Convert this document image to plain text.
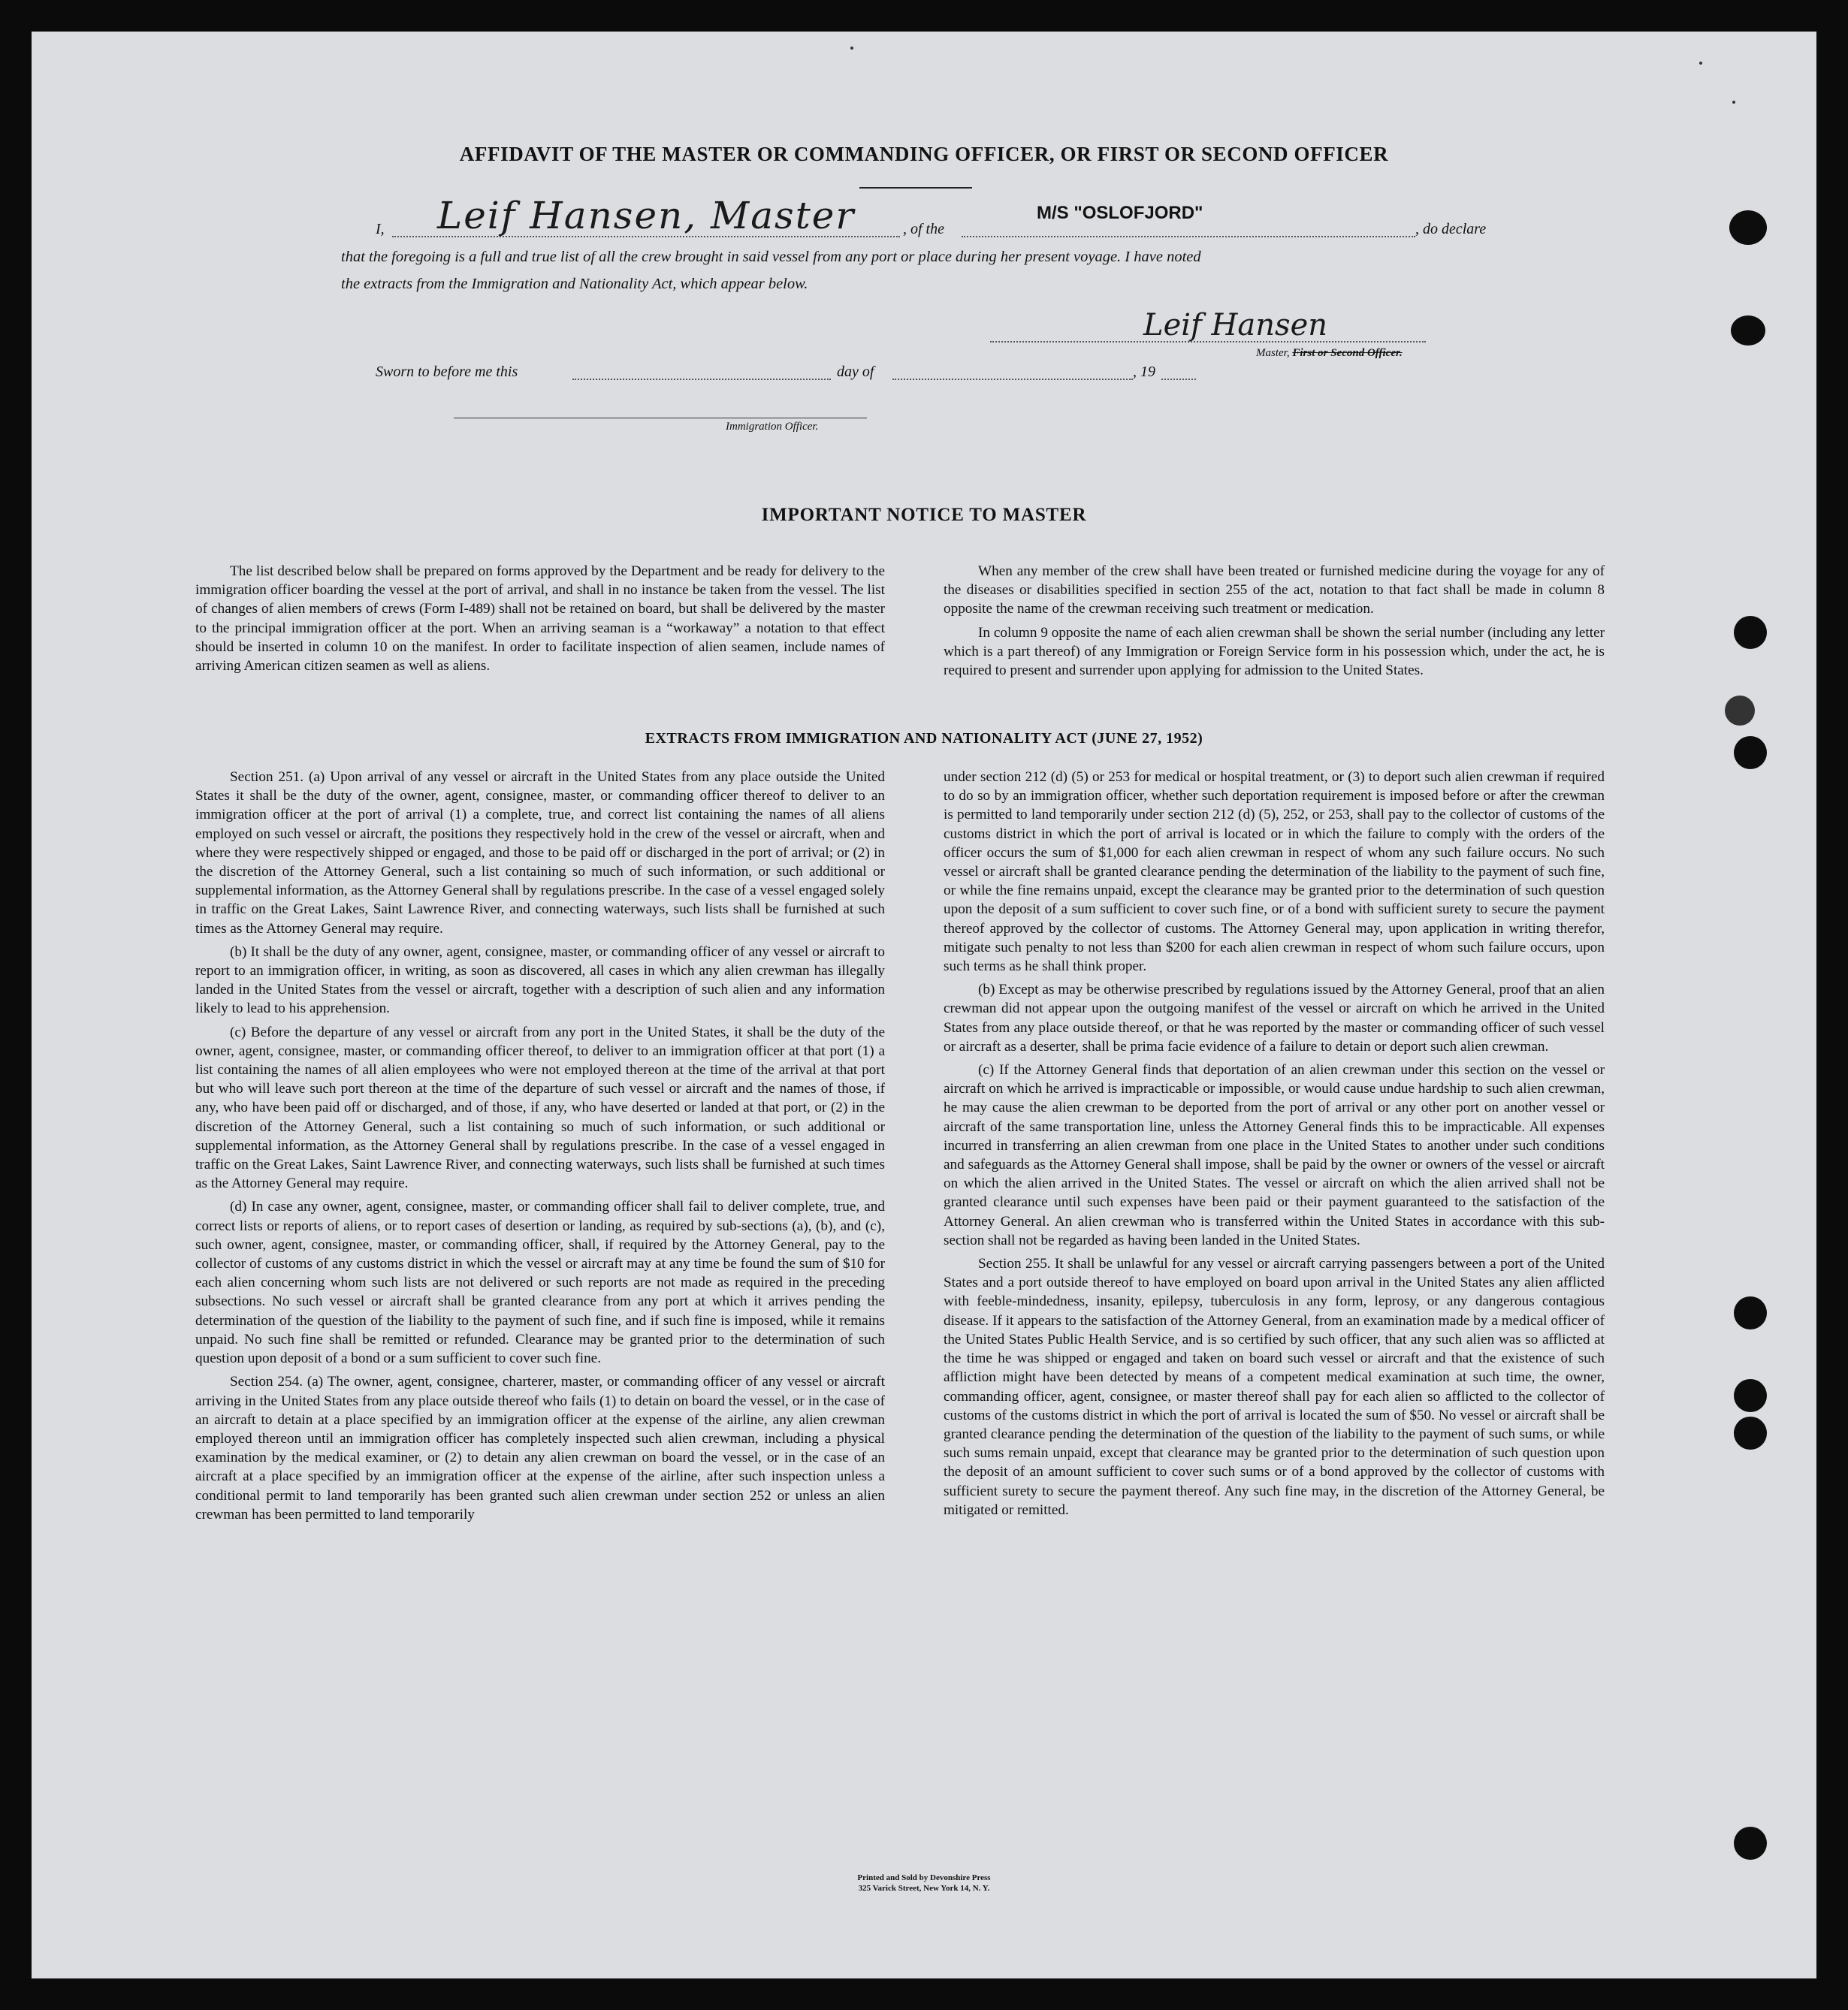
AFFIDAVIT OF THE MASTER OR COMMANDING OFFICER, OR FIRST OR SECOND OFFICER
I, Leif Hansen, Master	, of the
M/S "OSLOFJORD"
, do declare
that the foregoing is a full and true list of all the crew brought in said vessel from any port or place during her present voyage. I have noted
the extracts from the Immigration and Nationality Act, which appear below.
Leif Hansen
Master, First or Second Officer.
Sworn to before me this	day of	, 19
Immigration Officer.
IMPORTANT NOTICE TO MASTER

The list described below shall be prepared on forms approved by the Department and be ready for delivery to the immigration officer boarding the vessel at the port of arrival, and shall in no instance be taken from the vessel. The list of changes of alien members of crews (Form I-489) shall not be retained on board, but shall be delivered by the master to the principal immigration officer at the port. When an arriving seaman is a “workaway” a notation to that effect should be inserted in column 10 on the manifest. In order to facilitate inspection of alien seamen, include names of arriving American citizen seamen as well as aliens.

When any member of the crew shall have been treated or furnished medicine during the voyage for any of the diseases or disabilities specified in section 255 of the act, notation to that fact shall be made in column 8 opposite the name of the crewman receiving such treatment or medication.

In column 9 opposite the name of each alien crewman shall be shown the serial number (including any letter which is a part thereof) of any Immigration or Foreign Service form in his possession which, under the act, he is required to present and surrender upon applying for admission to the United States.

EXTRACTS FROM IMMIGRATION AND NATIONALITY ACT (JUNE 27, 1952)

Section 251. (a) Upon arrival of any vessel or aircraft in the United States from any place outside the United States it shall be the duty of the owner, agent, consignee, master, or commanding officer thereof to deliver to an immigration officer at the port of arrival (1) a complete, true, and correct list containing the names of all aliens employed on such vessel or aircraft, the positions they respectively hold in the crew of the vessel or aircraft, when and where they were respectively shipped or engaged, and those to be paid off or discharged in the port of arrival; or (2) in the discretion of the Attorney General, such a list containing so much of such information, or such additional or supplemental information, as the Attorney General shall by regulations prescribe. In the case of a vessel engaged solely in traffic on the Great Lakes, Saint Lawrence River, and connecting waterways, such lists shall be furnished at such times as the Attorney General may require.

(b) It shall be the duty of any owner, agent, consignee, master, or commanding officer of any vessel or aircraft to report to an immigration officer, in writing, as soon as discovered, all cases in which any alien crewman has illegally landed in the United States from the vessel or aircraft, together with a description of such alien and any information likely to lead to his apprehension.

(c) Before the departure of any vessel or aircraft from any port in the United States, it shall be the duty of the owner, agent, consignee, master, or commanding officer thereof, to deliver to an immigration officer at that port (1) a list containing the names of all alien employees who were not employed thereon at the time of the arrival at that port but who will leave such port thereon at the time of the departure of such vessel or aircraft and the names of those, if any, who have been paid off or discharged, and of those, if any, who have deserted or landed at that port, or (2) in the discretion of the Attorney General, such a list containing so much of such information, or such additional or supplemental information, as the Attorney General shall by regulations prescribe. In the case of a vessel engaged in traffic on the Great Lakes, Saint Lawrence River, and connecting waterways, such lists shall be furnished at such times as the Attorney General may require.

(d) In case any owner, agent, consignee, master, or commanding officer shall fail to deliver complete, true, and correct lists or reports of aliens, or to report cases of desertion or landing, as required by sub-sections (a), (b), and (c), such owner, agent, consignee, master, or commanding officer, shall, if required by the Attorney General, pay to the collector of customs of any customs district in which the vessel or aircraft may at any time be found the sum of $10 for each alien concerning whom such lists are not delivered or such reports are not made as required in the preceding subsections. No such vessel or aircraft shall be granted clearance from any port at which it arrives pending the determination of the question of the liability to the payment of such fine, and if such fine is imposed, while it remains unpaid. No such fine shall be remitted or refunded. Clearance may be granted prior to the determination of such question upon deposit of a bond or a sum sufficient to cover such fine.

Section 254. (a) The owner, agent, consignee, charterer, master, or commanding officer of any vessel or aircraft arriving in the United States from any place outside thereof who fails (1) to detain on board the vessel, or in the case of an aircraft to detain at a place specified by an immigration officer at the expense of the airline, any alien crewman employed thereon until an immigration officer has completely inspected such alien crewman, including a physical examination by the medical examiner, or (2) to detain any alien crewman on board the vessel, or in the case of an aircraft at a place specified by an immigration officer at the expense of the airline, after such inspection unless a conditional permit to land temporarily has been granted such alien crewman under section 252 or unless an alien crewman has been permitted to land temporarily

under section 212 (d) (5) or 253 for medical or hospital treatment, or (3) to deport such alien crewman if required to do so by an immigration officer, whether such deportation requirement is imposed before or after the crewman is permitted to land temporarily under section 212 (d) (5), 252, or 253, shall pay to the collector of customs of the customs district in which the port of arrival is located or in which the failure to comply with the orders of the officer occurs the sum of $1,000 for each alien crewman in respect of whom any such failure occurs. No such vessel or aircraft shall be granted clearance pending the determination of the liability to the payment of such fine, or while the fine remains unpaid, except the clearance may be granted prior to the determination of such question upon the deposit of a sum sufficient to cover such fine, or of a bond with sufficient surety to secure the payment thereof approved by the collector of customs. The Attorney General may, upon application in writing therefor, mitigate such penalty to not less than $200 for each alien crewman in respect of whom such failure occurs, upon such terms as he shall think proper.

(b) Except as may be otherwise prescribed by regulations issued by the Attorney General, proof that an alien crewman did not appear upon the outgoing manifest of the vessel or aircraft on which he arrived in the United States from any place outside thereof, or that he was reported by the master or commanding officer of such vessel or aircraft as a deserter, shall be prima facie evidence of a failure to detain or deport such alien crewman.

(c) If the Attorney General finds that deportation of an alien crewman under this section on the vessel or aircraft on which he arrived is impracticable or impossible, or would cause undue hardship to such alien crewman, he may cause the alien crewman to be deported from the port of arrival or any other port on another vessel or aircraft of the same transportation line, unless the Attorney General finds this to be impracticable. All expenses incurred in transferring an alien crewman from one place in the United States to another under such conditions and safeguards as the Attorney General shall impose, shall be paid by the owner or owners of the vessel or aircraft on which the alien arrived in the United States. The vessel or aircraft on which the alien arrived shall not be granted clearance until such expenses have been paid or their payment guaranteed to the satisfaction of the Attorney General. An alien crewman who is transferred within the United States in accordance with this sub-section shall not be regarded as having been landed in the United States.

Section 255. It shall be unlawful for any vessel or aircraft carrying passengers between a port of the United States and a port outside thereof to have employed on board upon arrival in the United States any alien afflicted with feeble-mindedness, insanity, epilepsy, tuberculosis in any form, leprosy, or any dangerous contagious disease. If it appears to the satisfaction of the Attorney General, from an examination made by a medical officer of the United States Public Health Service, and is so certified by such officer, that any such alien was so afflicted at the time he was shipped or engaged and taken on board such vessel or aircraft and that the existence of such affliction might have been detected by means of a competent medical examination at such time, the owner, commanding officer, agent, consignee, or master thereof shall pay for each alien so afflicted to the collector of customs of the customs district in which the port of arrival is located the sum of $50. No vessel or aircraft shall be granted clearance pending the determination of the question of the liability to the payment of such sums, or while such sums remain unpaid, except that clearance may be granted prior to the determination of such question upon the deposit of an amount sufficient to cover such sums or of a bond approved by the collector of customs with sufficient surety to secure the payment thereof. Any such fine may, in the discretion of the Attorney General, be mitigated or remitted.

Printed and Sold by Devonshire Press
325 Varick Street, New York 14, N. Y.
